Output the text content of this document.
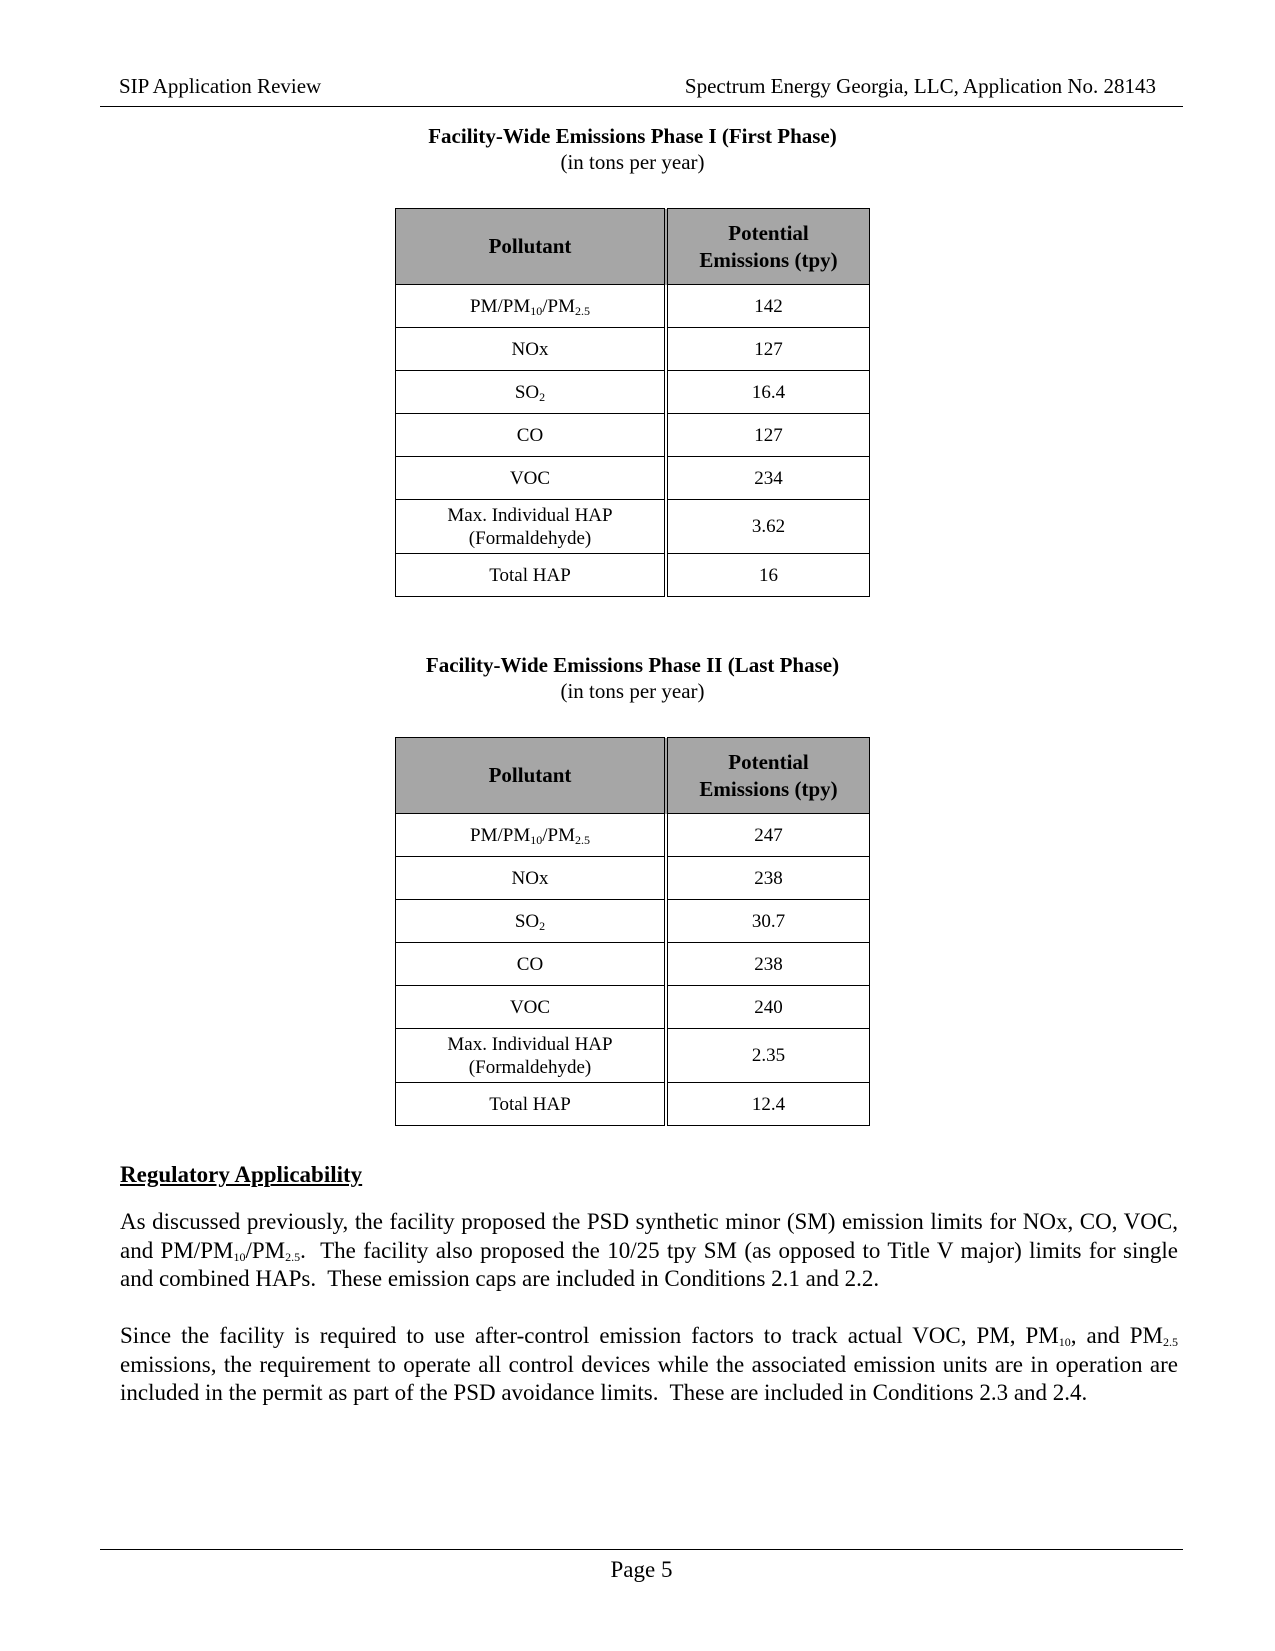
SIP Application Review	Spectrum Energy Georgia, LLC, Application No. 28143
Facility-Wide Emissions Phase I (First Phase)
(in tons per year)
Pollutant	Potential
Emissions (tpy)
$PM/PM_{10}/PM_{2.5}$	142
NOx	127
$SO_2$	16.4
CO	127
VOC	234
Max. Individual HAP
(Formaldehyde)	3.62
Total HAP	16
Facility-Wide Emissions Phase II (Last Phase)
(in tons per year)
Pollutant	Potential
Emissions (tpy)
$PM/PM_{10}/PM_{2.5}$	247
NOx	238
$SO_2$	30.7
CO	238
VOC	240
Max. Individual HAP
(Formaldehyde)	2.35
Total HAP	12.4
Regulatory Applicability
As discussed previously, the facility proposed the PSD synthetic minor (SM) emission limits for NOx, CO, VOC, and $PM/PM_{10}/PM_{2.5}$.  The facility also proposed the 10/25 tpy SM (as opposed to Title V major) limits for single and combined HAPs.  These emission caps are included in Conditions 2.1 and 2.2.
Since the facility is required to use after-control emission factors to track actual VOC, PM, $PM_{10}$, and $PM_{2.5}$ emissions, the requirement to operate all control devices while the associated emission units are in operation are included in the permit as part of the PSD avoidance limits.  These are included in Conditions 2.3 and 2.4.
Page 5
